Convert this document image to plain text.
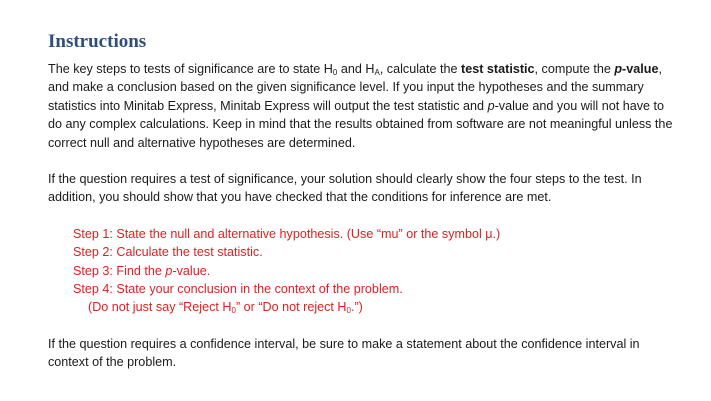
Instructions

The key steps to tests of significance are to state $H_0$ and $H_A$, calculate the test statistic, compute the p-value, and make a conclusion based on the given significance level. If you input the hypotheses and the summary statistics into Minitab Express, Minitab Express will output the test statistic and p-value and you will not have to do any complex calculations. Keep in mind that the results obtained from software are not meaningful unless the correct null and alternative hypotheses are determined.

If the question requires a test of significance, your solution should clearly show the four steps to the test. In addition, you should show that you have checked that the conditions for inference are met.

Step 1: State the null and alternative hypothesis. (Use “mu” or the symbol μ.)
Step 2: Calculate the test statistic.
Step 3: Find the p-value.
Step 4: State your conclusion in the context of the problem.
(Do not just say “Reject $H_0$” or “Do not reject $H_0$.”)

If the question requires a confidence interval, be sure to make a statement about the confidence interval in context of the problem.
